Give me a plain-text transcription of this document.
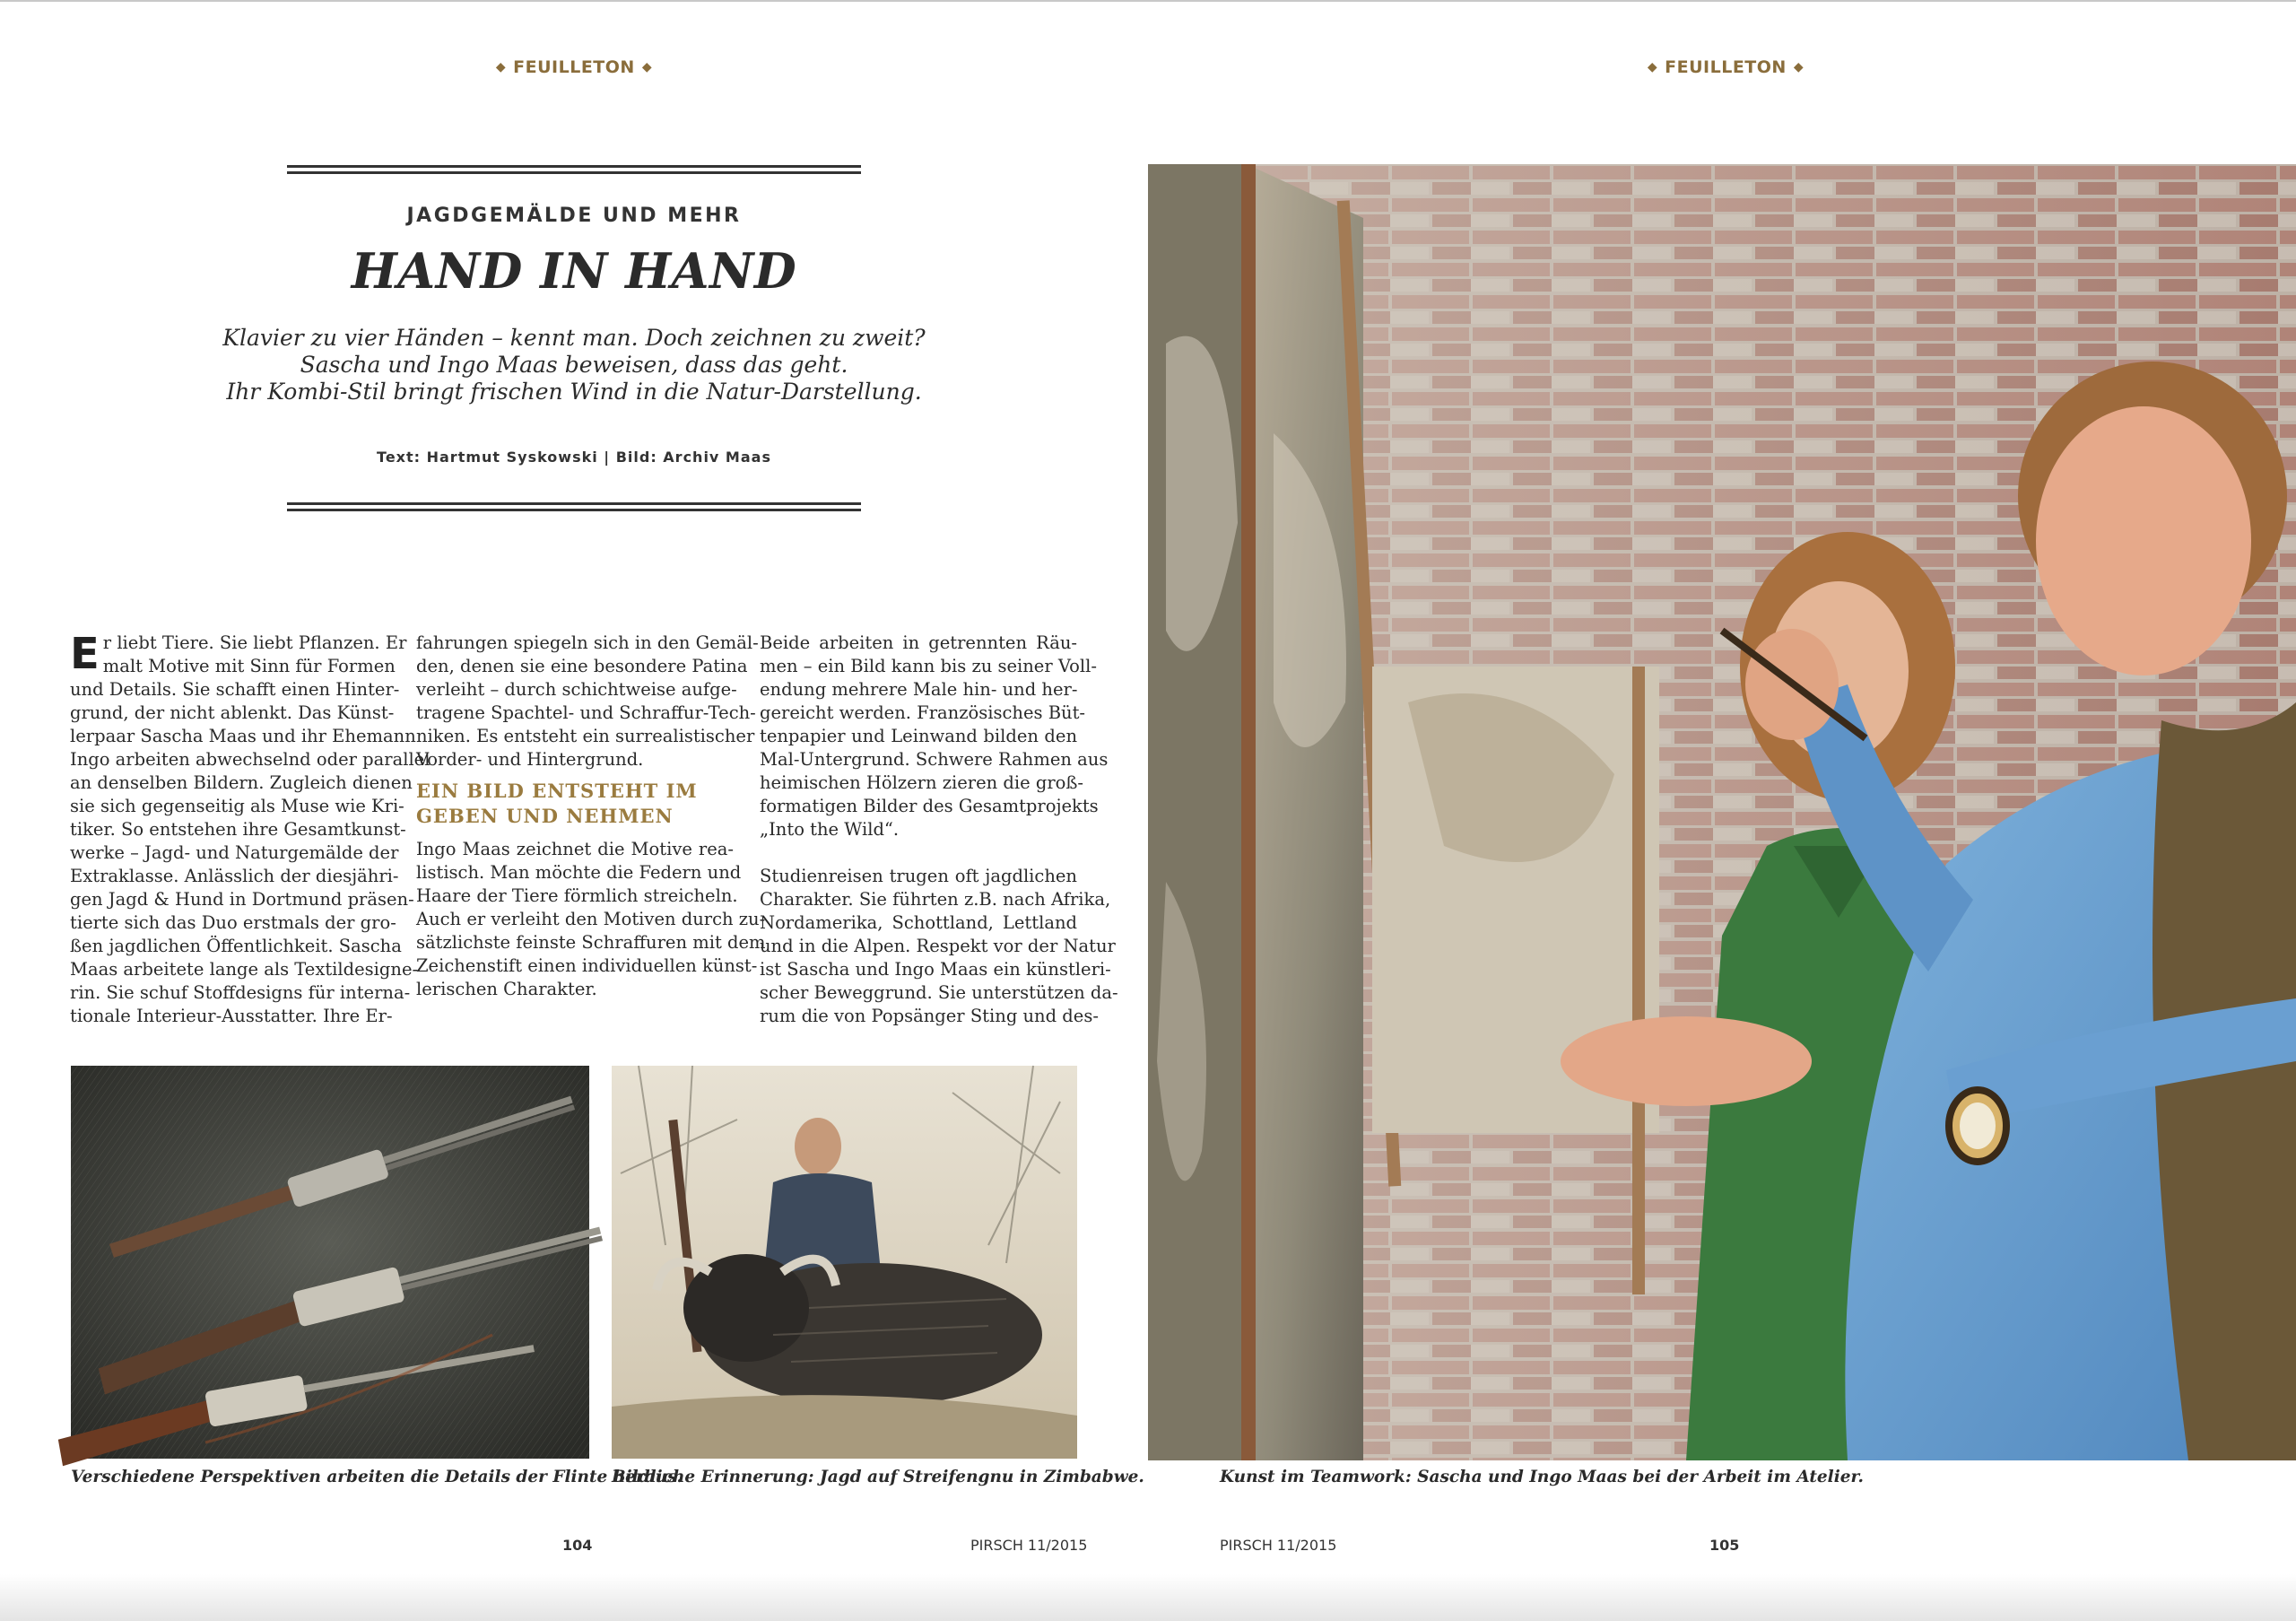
◆ FEUILLETON ◆
JAGDGEMÄLDE UND MEHR
HAND IN HAND
Klavier zu vier Händen – kennt man. Doch zeichnen zu zweit?
Sascha und Ingo Maas beweisen, dass das geht.
Ihr Kombi-Stil bringt frischen Wind in die Natur-Darstellung.
Text: Hartmut Syskowski | Bild: Archiv Maas
E r liebt Tiere. Sie liebt Pflanzen. Er
malt Motive mit Sinn für Formen
und Details. Sie schafft einen Hinter-
grund, der nicht ablenkt. Das Künst-
lerpaar Sascha Maas und ihr Ehemann
Ingo arbeiten abwechselnd oder parallel
an denselben Bildern. Zugleich dienen
sie sich gegenseitig als Muse wie Kri-
tiker. So entstehen ihre Gesamtkunst-
werke – Jagd- und Naturgemälde der
Extraklasse. Anlässlich der diesjähri-
gen Jagd & Hund in Dortmund präsen-
tierte sich das Duo erstmals der gro-
ßen jagdlichen Öffentlichkeit. Sascha
Maas arbeitete lange als Textildesigne-
rin. Sie schuf Stoffdesigns für interna-
tionale Interieur-Ausstatter. Ihre Er-
fahrungen spiegeln sich in den Gemäl-
den, denen sie eine besondere Patina
verleiht – durch schichtweise aufge-
tragene Spachtel- und Schraffur-Tech-
niken. Es entsteht ein surrealistischer
Vorder- und Hintergrund.
EIN BILD ENTSTEHT IM
GEBEN UND NEHMEN
Ingo Maas zeichnet die Motive rea-
listisch. Man möchte die Federn und
Haare der Tiere förmlich streicheln.
Auch er verleiht den Motiven durch zu-
sätzlichste feinste Schraffuren mit dem
Zeichenstift einen individuellen künst-
lerischen Charakter.
Beide arbeiten in getrennten Räu-
men – ein Bild kann bis zu seiner Voll-
endung mehrere Male hin- und her-
gereicht werden. Französisches Büt-
tenpapier und Leinwand bilden den
Mal-Untergrund. Schwere Rahmen aus
heimischen Hölzern zieren die groß-
formatigen Bilder des Gesamtprojekts
„Into the Wild“.
Studienreisen trugen oft jagdlichen
Charakter. Sie führten z.B. nach Afrika,
Nordamerika, Schottland, Lettland
und in die Alpen. Respekt vor der Natur
ist Sascha und Ingo Maas ein künstleri-
scher Beweggrund. Sie unterstützen da-
rum die von Popsänger Sting und des-
Verschiedene Perspektiven arbeiten die Details der Flinte heraus.
Bildliche Erinnerung: Jagd auf Streifengnu in Zimbabwe.
104	PIRSCH 11/2015
◆ FEUILLETON ◆
Kunst im Teamwork: Sascha und Ingo Maas bei der Arbeit im Atelier.
PIRSCH 11/2015	105
